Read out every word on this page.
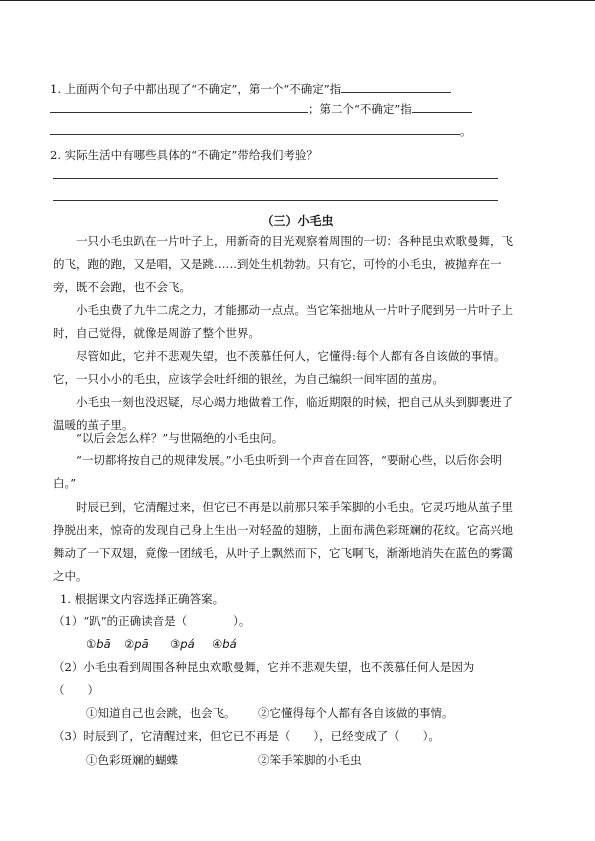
1. 上面两个句子中都出现了“不确定”，第一个“不确定”指
；第二个“不确定”指
。
2. 实际生活中有哪些具体的“不确定”带给我们考验？
（三）小毛虫
一只小毛虫趴在一片叶子上，用新奇的目光观察着周围的一切：各种昆虫欢歌曼舞，飞
的飞，跑的跑，又是唱，又是跳……到处生机勃勃。只有它，可怜的小毛虫，被抛弃在一
旁，既不会跑，也不会飞。
小毛虫费了九牛二虎之力，才能挪动一点点。当它笨拙地从一片叶子爬到另一片叶子上
时，自己觉得，就像是周游了整个世界。
尽管如此，它并不悲观失望，也不羡慕任何人，它懂得:每个人都有各自该做的事情。
它，一只小小的毛虫，应该学会吐纤细的银丝，为自己编织一间牢固的茧房。
小毛虫一刻也没迟疑，尽心竭力地做着工作，临近期限的时候，把自己从头到脚裹进了
温暖的茧子里。
“以后会怎么样？”与世隔绝的小毛虫问。
“一切都将按自己的规律发展。”小毛虫听到一个声音在回答，“要耐心些，以后你会明
白。”
时辰已到，它清醒过来，但它已不再是以前那只笨手笨脚的小毛虫。它灵巧地从茧子里
挣脱出来，惊奇的发现自己身上生出一对轻盈的翅膀，上面布满色彩斑斓的花纹。它高兴地
舞动了一下双翅，竟像一团绒毛，从叶子上飘然而下，它飞啊飞，渐渐地消失在蓝色的雾霭
之中。
1. 根据课文内容选择正确答案。
（1）“趴”的正确读音是（　　　　）。
①bā ②pā ③pá ④bá
（2）小毛虫看到周围各种昆虫欢歌曼舞，它并不悲观失望，也不羡慕任何人是因为
（　　）
①知道自己也会跳，也会飞。 ②它懂得每个人都有各自该做的事情。
（3）时辰到了，它清醒过来，但它已不再是（　　），已经变成了（　　）。
①色彩斑斓的蝴蝶	②笨手笨脚的小毛虫
